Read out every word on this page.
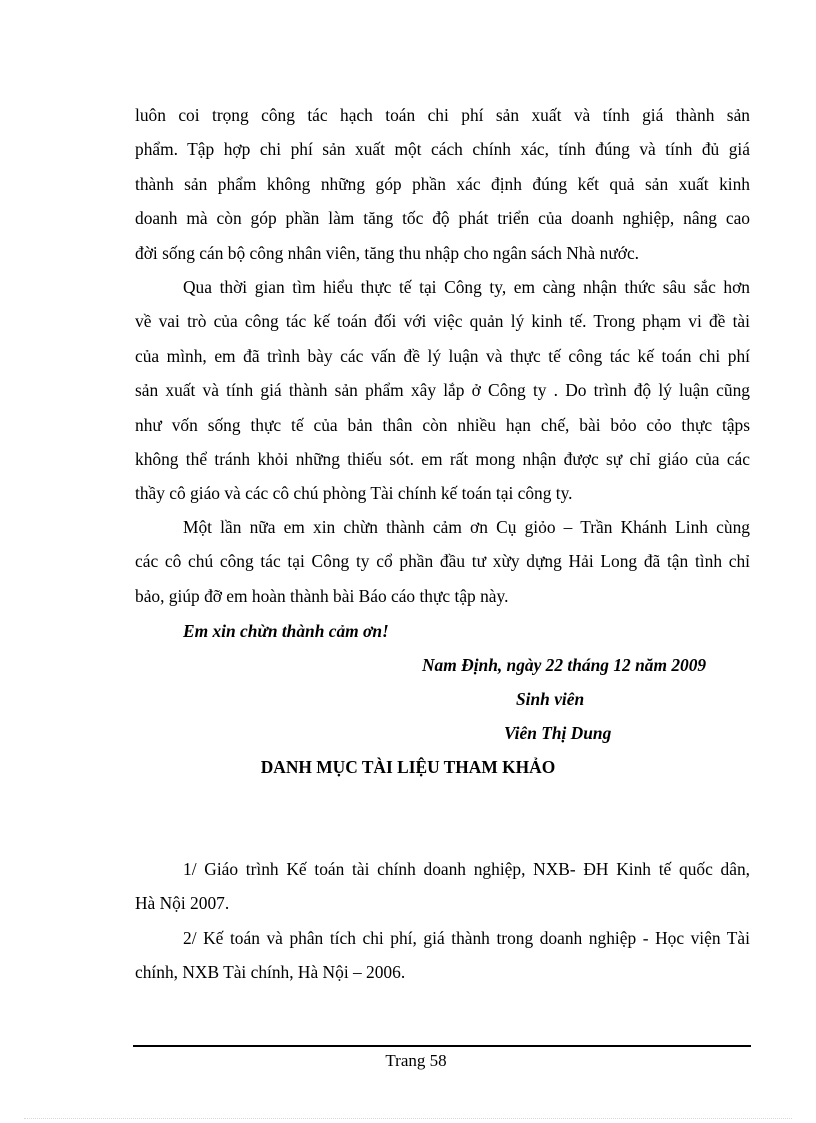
luôn coi trọng công tác hạch toán chi phí sản xuất và tính giá thành sản
phẩm. Tập hợp chi phí sản xuất một cách chính xác, tính đúng và tính đủ giá
thành sản phẩm không những góp phần xác định đúng kết quả sản xuất kinh
doanh mà còn góp phần làm tăng tốc độ phát triển của doanh nghiệp, nâng cao
đời sống cán bộ công nhân viên, tăng thu nhập cho ngân sách Nhà nước.
Qua thời gian tìm hiểu thực tế tại Công ty, em càng nhận thức sâu sắc hơn
về vai trò của công tác kế toán đối với việc quản lý kinh tế. Trong phạm vi đề tài
của mình, em đã trình bày các vấn đề lý luận và thực tế công tác kế toán chi phí
sản xuất và tính giá thành sản phẩm xây lắp ở Công ty . Do trình độ lý luận cũng
như vốn sống thực tế của bản thân còn nhiều hạn chế, bài bỏo cỏo thực tậps
không thể tránh khỏi những thiếu sót. em rất mong nhận được sự chỉ giáo của các
thầy cô giáo và các cô chú phòng Tài chính kế toán tại công ty.
Một lần nữa em xin chừn thành cảm ơn Cụ giỏo – Trần Khánh Linh cùng
các cô chú công tác tại Công ty cổ phần đầu tư xừy dựng Hải Long đã tận tình chỉ
bảo, giúp đỡ em hoàn thành bài Báo cáo thực tập này.

Em xin chừn thành cảm ơn!

Nam Định, ngày 22 tháng 12 năm 2009

Sinh viên

Viên Thị Dung

DANH MỤC TÀI LIỆU THAM KHẢO

1/ Giáo trình Kế toán tài chính doanh nghiệp, NXB- ĐH Kinh tế quốc dân,
Hà Nội 2007.
2/ Kế toán và phân tích chi phí, giá thành trong doanh nghiệp - Học viện Tài
chính, NXB Tài chính, Hà Nội – 2006.

Trang 58
